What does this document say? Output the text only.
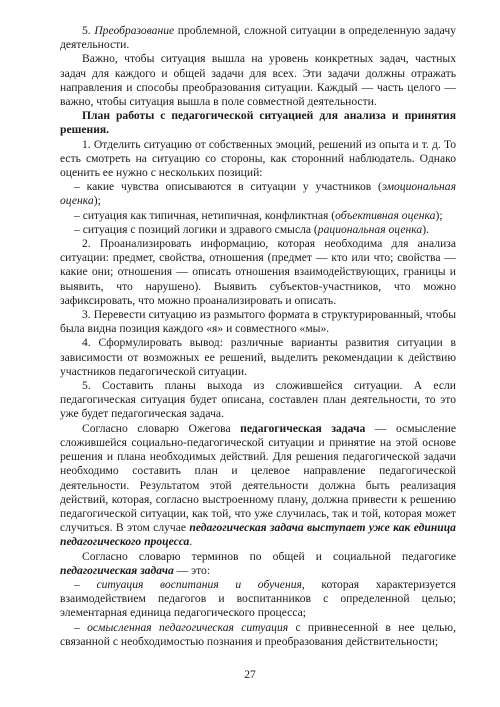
5. Преобразование проблемной, сложной ситуации в определенную задачу деятельности.

Важно, чтобы ситуация вышла на уровень конкретных задач, частных задач для каждого и общей задачи для всех. Эти задачи должны отражать направления и способы преобразования ситуации. Каждый — часть целого — важно, чтобы ситуация вышла в поле совместной деятельности.

План работы с педагогической ситуацией для анализа и принятия решения.

1. Отделить ситуацию от собственных эмоций, решений из опыта и т. д. То есть смотреть на ситуацию со стороны, как сторонний наблюдатель. Однако оценить ее нужно с нескольких позиций:

– какие чувства описываются в ситуации у участников (эмоциональная оценка);

– ситуация как типичная, нетипичная, конфликтная (объективная оценка);

– ситуация с позиций логики и здравого смысла (рациональная оценка).

2. Проанализировать информацию, которая необходима для анализа ситуации: предмет, свойства, отношения (предмет — кто или что; свойства — какие они; отношения — описать отношения взаимодействующих, границы и выявить, что нарушено). Выявить субъектов-участников, что можно зафиксировать, что можно проанализировать и описать.

3. Перевести ситуацию из размытого формата в структурированный, чтобы была видна позиция каждого «я» и совместного «мы».

4. Сформулировать вывод: различные варианты развития ситуации в зависимости от возможных ее решений, выделить рекомендации к действию участников педагогической ситуации.

5. Составить планы выхода из сложившейся ситуации. А если педагогическая ситуация будет описана, составлен план деятельности, то это уже будет педагогическая задача.

Согласно словарю Ожегова педагогическая задача — осмысление сложившейся социально-педагогической ситуации и принятие на этой основе решения и плана необходимых действий. Для решения педагогической задачи необходимо составить план и целевое направление педагогической деятельности. Результатом этой деятельности должна быть реализация действий, которая, согласно выстроенному плану, должна привести к решению педагогической ситуации, как той, что уже случилась, так и той, которая может случиться. В этом случае педагогическая задача выступает уже как единица педагогического процесса.

Согласно словарю терминов по общей и социальной педагогике педагогическая задача — это:

– ситуация воспитания и обучения, которая характеризуется взаимодействием педагогов и воспитанников с определенной целью; элементарная единица педагогического процесса;

– осмысленная педагогическая ситуация с привнесенной в нее целью, связанной с необходимостью познания и преобразования действительности;

27
